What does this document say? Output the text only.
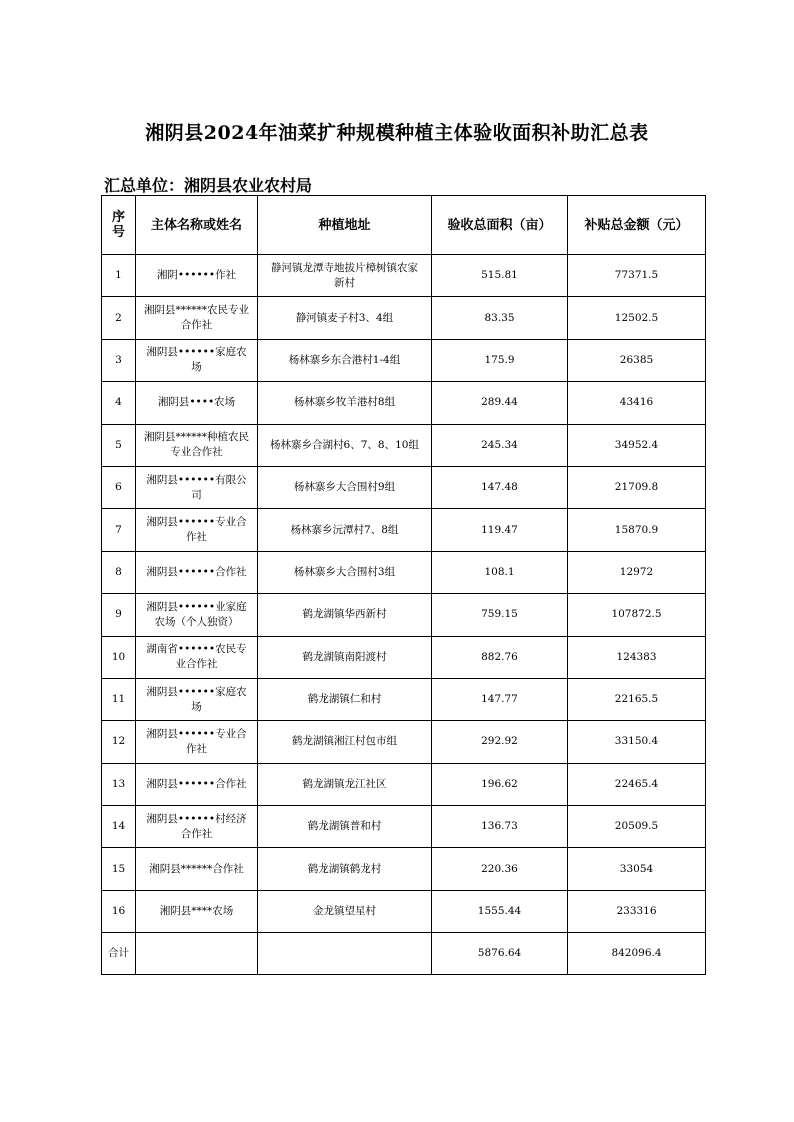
湘阴县2024年油菜扩种规模种植主体验收面积补助汇总表
汇总单位：湘阴县农业农村局
序号	主体名称或姓名	种植地址	验收总面积（亩）	补贴总金额（元）
1	湘阴••••••作社	静河镇龙潭寺地拔片樟树镇农家新村	515.81	77371.5
2	湘阴县******农民专业合作社	静河镇麦子村3、4组	83.35	12502.5
3	湘阴县••••••家庭农场	杨林寨乡东合港村1-4组	175.9	26385
4	湘阴县••••农场	杨林寨乡牧羊港村8组	289.44	43416
5	湘阴县******种植农民专业合作社	杨林寨乡合湖村6、7、8、10组	245.34	34952.4
6	湘阴县••••••有限公司	杨林寨乡大合围村9组	147.48	21709.8
7	湘阴县••••••专业合作社	杨林寨乡沅潭村7、8组	119.47	15870.9
8	湘阴县••••••合作社	杨林寨乡大合围村3组	108.1	12972
9	湘阴县••••••业家庭农场（个人独资）	鹤龙湖镇华西新村	759.15	107872.5
10	湖南省••••••农民专业合作社	鹤龙湖镇南阳渡村	882.76	124383
11	湘阴县••••••家庭农场	鹤龙湖镇仁和村	147.77	22165.5
12	湘阴县••••••专业合作社	鹤龙湖镇湘江村包市组	292.92	33150.4
13	湘阴县••••••合作社	鹤龙湖镇龙江社区	196.62	22465.4
14	湘阴县••••••村经济合作社	鹤龙湖镇普和村	136.73	20509.5
15	湘阴县******合作社	鹤龙湖镇鹤龙村	220.36	33054
16	湘阴县****农场	金龙镇望星村	1555.44	233316
合计			5876.64	842096.4
